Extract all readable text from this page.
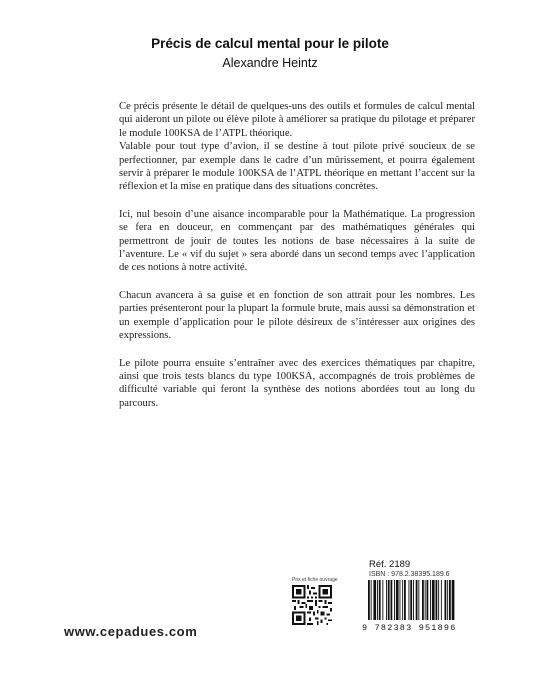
Précis de calcul mental pour le pilote
Alexandre Heintz

Ce précis présente le détail de quelques-uns des outils et formules de calcul mental qui aideront un pilote ou élève pilote à améliorer sa pratique du pilotage et préparer le module 100KSA de l’ATPL théorique.

Valable pour tout type d’avion, il se destine à tout pilote privé soucieux de se perfectionner, par exemple dans le cadre d’un mûrissement, et pourra également servir à préparer le module 100KSA de l’ATPL théorique en mettant l’accent sur la réflexion et la mise en pratique dans des situations concrètes.

Ici, nul besoin d’une aisance incomparable pour la Mathématique. La progression se fera en douceur, en commençant par des mathématiques générales qui permettront de jouir de toutes les notions de base nécessaires à la suite de l’aventure. Le « vif du sujet » sera abordé dans un second temps avec l’application de ces notions à notre activité.

Chacun avancera à sa guise et en fonction de son attrait pour les nombres. Les parties présenteront pour la plupart la formule brute, mais aussi sa démonstration et un exemple d’application pour le pilote désireux de s’intéresser aux origines des expressions.

Le pilote pourra ensuite s’entraîner avec des exercices thématiques par chapitre, ainsi que trois tests blancs du type 100KSA, accompagnés de trois problèmes de difficulté variable qui feront la synthèse des notions abordées tout au long du parcours.

Prix et fiche ouvrage
Réf. 2189
ISBN : 978.2.38395.189.6
9 782383 951896
www.cepadues.com
